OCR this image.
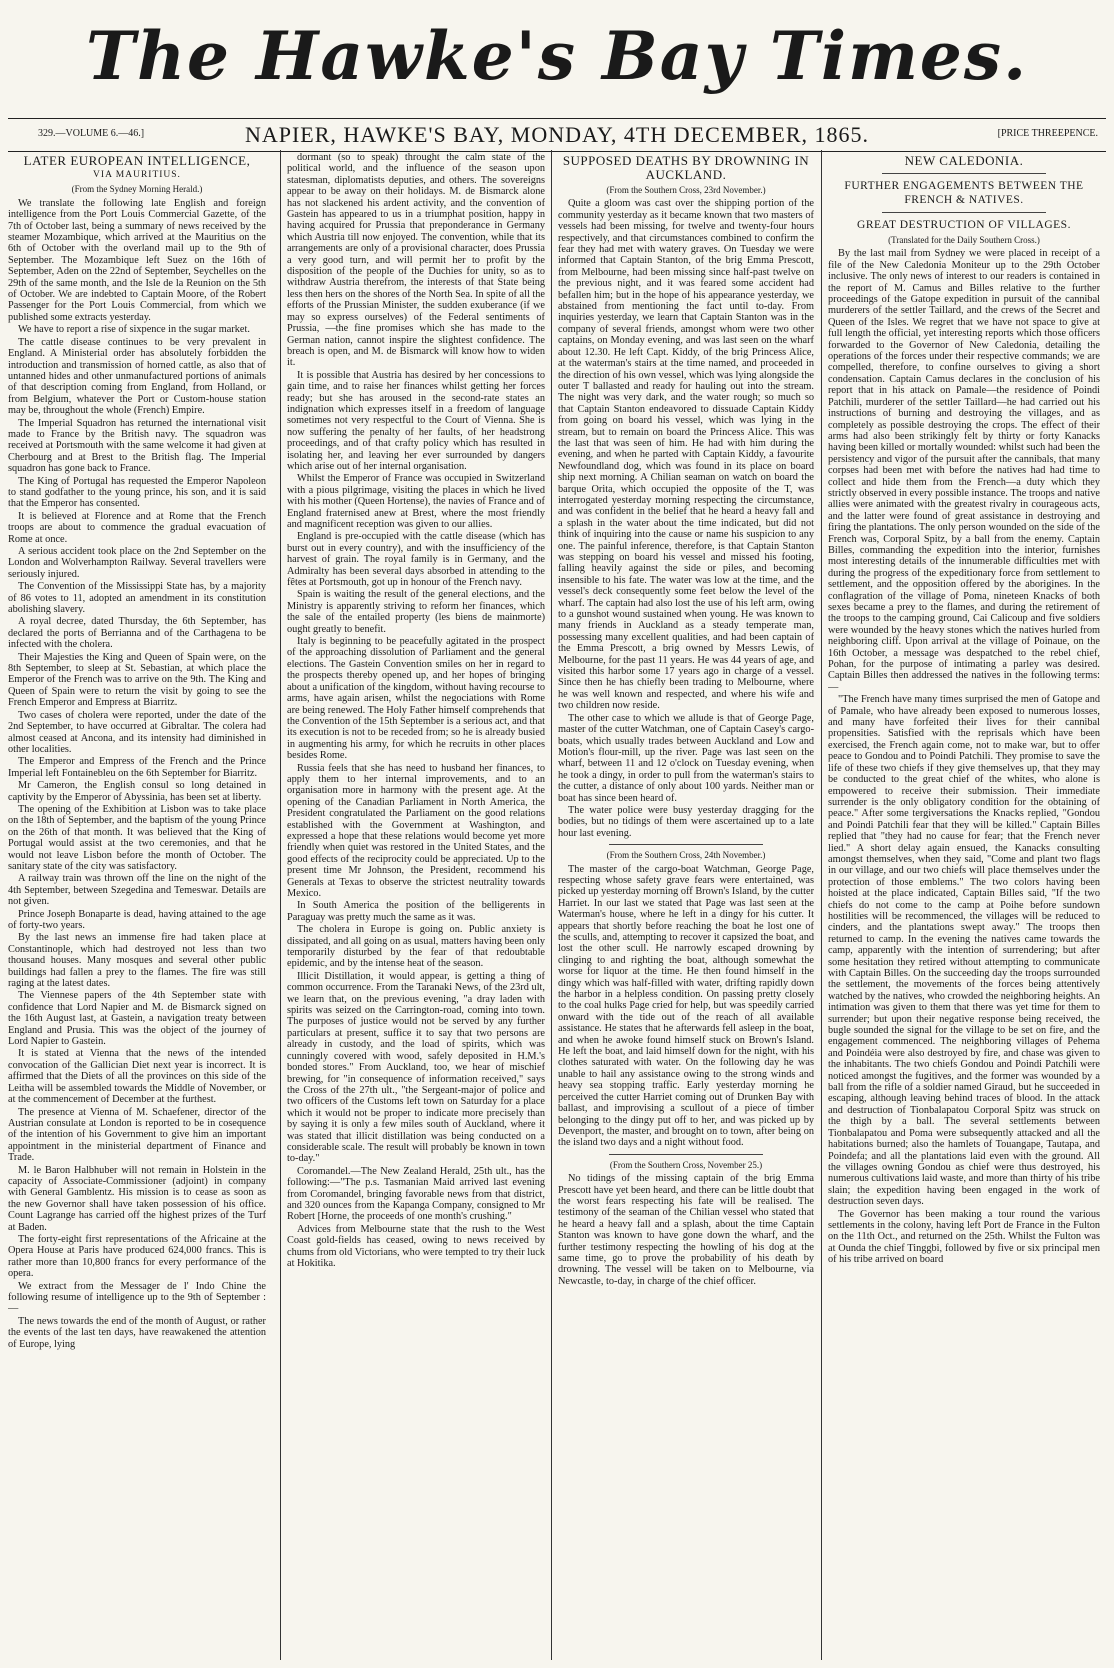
The Hawke's Bay Times.
329.—VOLUME 6.—46.]	NAPIER, HAWKE'S BAY, MONDAY, 4TH DECEMBER, 1865.	[PRICE THREEPENCE.
LATER EUROPEAN INTELLIGENCE,
VIA MAURITIUS.
(From the Sydney Morning Herald.)

We translate the following late English and foreign intelligence from the Port Louis Commercial Gazette, of the 7th of October last, being a summary of news received by the steamer Mozambique, which arrived at the Mauritius on the 6th of October with the overland mail up to the 9th of September. The Mozambique left Suez on the 16th of September, Aden on the 22nd of September, Seychelles on the 29th of the same month, and the Isle de la Reunion on the 5th of October. We are indebted to Captain Moore, of the Robert Passenger for the Port Louis Commercial, from which we published some extracts yesterday.

We have to report a rise of sixpence in the sugar market.

The cattle disease continues to be very prevalent in England. A Ministerial order has absolutely forbidden the introduction and transmission of horned cattle, as also that of untanned hides and other unmanufactured portions of animals of that description coming from England, from Holland, or from Belgium, whatever the Port or Custom-house station may be, throughout the whole (French) Empire.

The Imperial Squadron has returned the international visit made to France by the British navy. The squadron was received at Portsmouth with the same welcome it had given at Cherbourg and at Brest to the British flag. The Imperial squadron has gone back to France.

The King of Portugal has requested the Emperor Napoleon to stand godfather to the young prince, his son, and it is said that the Emperor has consented.

It is believed at Florence and at Rome that the French troops are about to commence the gradual evacuation of Rome at once.

A serious accident took place on the 2nd September on the London and Wolverhampton Railway. Several travellers were seriously injured.

The Convention of the Mississippi State has, by a majority of 86 votes to 11, adopted an amendment in its constitution abolishing slavery.

A royal decree, dated Thursday, the 6th September, has declared the ports of Berrianna and of the Carthagena to be infected with the cholera.

Their Majesties the King and Queen of Spain were, on the 8th September, to sleep at St. Sebastian, at which place the Emperor of the French was to arrive on the 9th. The King and Queen of Spain were to return the visit by going to see the French Emperor and Empress at Biarritz.

Two cases of cholera were reported, under the date of the 2nd September, to have occurred at Gibraltar. The colera had almost ceased at Ancona, and its intensity had diminished in other localities.

The Emperor and Empress of the French and the Prince Imperial left Fontainebleu on the 6th September for Biarritz.

Mr Cameron, the English consul so long detained in captivity by the Emperor of Abyssinia, has been set at liberty.

The opening of the Exhibition at Lisbon was to take place on the 18th of September, and the baptism of the young Prince on the 26th of that month. It was believed that the King of Portugal would assist at the two ceremonies, and that he would not leave Lisbon before the month of October. The sanitary state of the city was satisfactory.

A railway train was thrown off the line on the night of the 4th September, between Szegedina and Temeswar. Details are not given.

Prince Joseph Bonaparte is dead, having attained to the age of forty-two years.

By the last news an immense fire had taken place at Constantinople, which had destroyed not less than two thousand houses. Many mosques and several other public buildings had fallen a prey to the flames. The fire was still raging at the latest dates.

The Viennese papers of the 4th September state with confidence that Lord Napier and M. de Bismarck signed on the 16th August last, at Gastein, a navigation treaty between England and Prusia. This was the object of the journey of Lord Napier to Gastein.

It is stated at Vienna that the news of the intended convocation of the Gallician Diet next year is incorrect. It is affirmed that the Diets of all the provinces on this side of the Leitha will be assembled towards the Middle of November, or at the commencement of December at the furthest.

The presence at Vienna of M. Schaefener, director of the Austrian consulate at London is reported to be in cosequence of the intention of his Government to give him an important appointment in the ministerial department of Finance and Trade.

M. le Baron Halbhuber will not remain in Holstein in the capacity of Associate-Commissioner (adjoint) in company with General Gamblentz. His mission is to cease as soon as the new Governor shall have taken possession of his office. Count Lagrange has carried off the highest prizes of the Turf at Baden.

The forty-eight first representations of the Africaine at the Opera House at Paris have produced 624,000 francs. This is rather more than 10,800 francs for every performance of the opera.

We extract from the Messager de l' Indo Chine the following resume of intelligence up to the 9th of September :—

The news towards the end of the month of August, or rather the events of the last ten days, have reawakened the attention of Europe, lying

dormant (so to speak) throught the calm state of the political world, and the influence of the season upon statesman, diplomatists deputies, and others. The sovereigns appear to be away on their holidays. M. de Bismarck alone has not slackened his ardent activity, and the convention of Gastein has appeared to us in a triumphat position, happy in having acquired for Prussia that preponderance in Germany which Austria till now enjoyed. The convention, while that its arrangements are only of a provisional character, does Prussia a very good turn, and will permit her to profit by the disposition of the people of the Duchies for unity, so as to withdraw Austria therefrom, the interests of that State being less then hers on the shores of the North Sea. In spite of all the efforts of the Prussian Minister, the sudden exuberance (if we may so express ourselves) of the Federal sentiments of Prussia, —the fine promises which she has made to the German nation, cannot inspire the slightest confidence. The breach is open, and M. de Bismarck will know how to widen it.

It is possible that Austria has desired by her concessions to gain time, and to raise her finances whilst getting her forces ready; but she has aroused in the second-rate states an indignation which expresses itself in a freedom of language sometimes not very respectful to the Court of Vienna. She is now suffering the penalty of her faults, of her headstrong proceedings, and of that crafty policy which has resulted in isolating her, and leaving her ever surrounded by dangers which arise out of her internal organisation.

Whilst the Emperor of France was occupied in Switzerland with a pious pilgrimage, visiting the places in which he lived with his mother (Queen Hortense), the navies of France and of England fraternised anew at Brest, where the most friendly and magnificent reception was given to our allies.

England is pre-occupied with the cattle disease (which has burst out in every country), and with the insufficiency of the harvest of grain. The royal family is in Germany, and the Admiralty has been several days absorbed in attending to the fêtes at Portsmouth, got up in honour of the French navy.

Spain is waiting the result of the general elections, and the Ministry is apparently striving to reform her finances, which the sale of the entailed property (les biens de mainmorte) ought greatly to benefit.

Italy is beginning to be peacefully agitated in the prospect of the approaching dissolution of Parliament and the general elections. The Gastein Convention smiles on her in regard to the prospects thereby opened up, and her hopes of bringing about a unification of the kingdom, without having recourse to arms, have again arisen, whilst the negociations with Rome are being renewed. The Holy Father himself comprehends that the Convention of the 15th September is a serious act, and that its execution is not to be receded from; so he is already busied in augmenting his army, for which he recruits in other places besides Rome.

Russia feels that she has need to husband her finances, to apply them to her internal improvements, and to an organisation more in harmony with the present age. At the opening of the Canadian Parliament in North America, the President congratulated the Parliament on the good relations established with the Government at Washington, and expressed a hope that these relations would become yet more friendly when quiet was restored in the United States, and the good effects of the reciprocity could be appreciated. Up to the present time Mr Johnson, the President, recommend his Generals at Texas to observe the strictest neutrality towards Mexico.

In South America the position of the belligerents in Paraguay was pretty much the same as it was.

The cholera in Europe is going on. Public anxiety is dissipated, and all going on as usual, matters having been only temporarily disturbed by the fear of that redoubtable epidemic, and by the intense heat of the season.

Illicit Distillation, it would appear, is getting a thing of common occurrence. From the Taranaki News, of the 23rd ult, we learn that, on the previous evening, "a dray laden with spirits was seized on the Carrington-road, coming into town. The purposes of justice would not be served by any further particulars at present, suffice it to say that two persons are already in custody, and the load of spirits, which was cunningly covered with wood, safely deposited in H.M.'s bonded stores." From Auckland, too, we hear of mischief brewing, for "in consequence of information received," says the Cross of the 27th ult., "the Sergeant-major of police and two officers of the Customs left town on Saturday for a place which it would not be proper to indicate more precisely than by saying it is only a few miles south of Auckland, where it was stated that illicit distillation was being conducted on a considerable scale. The result will probably be known in town to-day."

Coromandel.—The New Zealand Herald, 25th ult., has the following:—"The p.s. Tasmanian Maid arrived last evening from Coromandel, bringing favorable news from that district, and 320 ounces from the Kapanga Company, consigned to Mr Robert [Horne, the proceeds of one month's crushing."

Advices from Melbourne state that the rush to the West Coast gold-fields has ceased, owing to news received by chums from old Victorians, who were tempted to try their luck at Hokitika.

SUPPOSED DEATHS BY DROWNING IN AUCKLAND.
(From the Southern Cross, 23rd November.)

Quite a gloom was cast over the shipping portion of the community yesterday as it became known that two masters of vessels had been missing, for twelve and twenty-four hours respectively, and that circumstances combined to confirm the fear they had met with watery graves. On Tuesday we were informed that Captain Stanton, of the brig Emma Prescott, from Melbourne, had been missing since half-past twelve on the previous night, and it was feared some accident had befallen him; but in the hope of his appearance yesterday, we abstained from mentioning the fact until to-day. From inquiries yesterday, we learn that Captain Stanton was in the company of several friends, amongst whom were two other captains, on Monday evening, and was last seen on the wharf about 12.30. He left Capt. Kiddy, of the brig Princess Alice, at the waterman's stairs at the time named, and proceeded in the direction of his own vessel, which was lying alongside the outer T ballasted and ready for hauling out into the stream. The night was very dark, and the water rough; so much so that Captain Stanton endeavored to dissuade Captain Kiddy from going on board his vessel, which was lying in the stream, but to remain on board the Princess Alice. This was the last that was seen of him. He had with him during the evening, and when he parted with Captain Kiddy, a favourite Newfoundland dog, which was found in its place on board ship next morning. A Chilian seaman on watch on board the barque Orita, which occupied the opposite of the T, was interrogated yesterday morning respecting the circumstance, and was confident in the belief that he heard a heavy fall and a splash in the water about the time indicated, but did not think of inquiring into the cause or name his suspicion to any one. The painful inference, therefore, is that Captain Stanton was stepping on board his vessel and missed his footing, falling heavily against the side or piles, and becoming insensible to his fate. The water was low at the time, and the vessel's deck consequently some feet below the level of the wharf. The captain had also lost the use of his left arm, owing to a gunshot wound sustained when young. He was known to many friends in Auckland as a steady temperate man, possessing many excellent qualities, and had been captain of the Emma Prescott, a brig owned by Messrs Lewis, of Melbourne, for the past 11 years. He was 44 years of age, and visited this harbor some 17 years ago in charge of a vessel. Since then he has chiefly been trading to Melbourne, where he was well known and respected, and where his wife and two children now reside.

The other case to which we allude is that of George Page, master of the cutter Watchman, one of Captain Casey's cargo-boats, which usually trades between Auckland and Low and Motion's flour-mill, up the river. Page was last seen on the wharf, between 11 and 12 o'clock on Tuesday evening, when he took a dingy, in order to pull from the waterman's stairs to the cutter, a distance of only about 100 yards. Neither man or boat has since been heard of.

The water police were busy yesterday dragging for the bodies, but no tidings of them were ascertained up to a late hour last evening.

(From the Southern Cross, 24th November.)

The master of the cargo-boat Watchman, George Page, respecting whose safety grave fears were entertained, was picked up yesterday morning off Brown's Island, by the cutter Harriet. In our last we stated that Page was last seen at the Waterman's house, where he left in a dingy for his cutter. It appears that shortly before reaching the boat he lost one of the sculls, and, attempting to recover it capsized the boat, and lost the other scull. He narrowly escaped drowning by clinging to and righting the boat, although somewhat the worse for liquor at the time. He then found himself in the dingy which was half-filled with water, drifting rapidly down the harbor in a helpless condition. On passing pretty closely to the coal hulks Page cried for help, but was speedily carried onward with the tide out of the reach of all available assistance. He states that he afterwards fell asleep in the boat, and when he awoke found himself stuck on Brown's Island. He left the boat, and laid himself down for the night, with his clothes saturated with water. On the following day he was unable to hail any assistance owing to the strong winds and heavy sea stopping traffic. Early yesterday morning he perceived the cutter Harriet coming out of Drunken Bay with ballast, and improvising a scullout of a piece of timber belonging to the dingy put off to her, and was picked up by Devenport, the master, and brought on to town, after being on the island two days and a night without food.

(From the Southern Cross, November 25.)

No tidings of the missing captain of the brig Emma Prescott have yet been heard, and there can be little doubt that the worst fears respecting his fate will be realised. The testimony of the seaman of the Chilian vessel who stated that he heard a heavy fall and a splash, about the time Captain Stanton was known to have gone down the wharf, and the further testimony respecting the howling of his dog at the same time, go to prove the probability of his death by drowning. The vessel will be taken on to Melbourne, via Newcastle, to-day, in charge of the chief officer.

NEW CALEDONIA.
FURTHER ENGAGEMENTS BETWEEN THE FRENCH & NATIVES.
GREAT DESTRUCTION OF VILLAGES.
(Translated for the Daily Southern Cross.)

By the last mail from Sydney we were placed in receipt of a file of the New Caledonia Moniteur up to the 29th October inclusive. The only news of interest to our readers is contained in the report of M. Camus and Billes relative to the further proceedings of the Gatope expedition in pursuit of the cannibal murderers of the settler Taillard, and the crews of the Secret and Queen of the Isles. We regret that we have not space to give at full length the official, yet interesting reports which those officers forwarded to the Governor of New Caledonia, detailing the operations of the forces under their respective commands; we are compelled, therefore, to confine ourselves to giving a short condensation. Captain Camus declares in the conclusion of his report that in his attack on Pamale—the residence of Poindi Patchili, murderer of the settler Taillard—he had carried out his instructions of burning and destroying the villages, and as completely as possible destroying the crops. The effect of their arms had also been strikingly felt by thirty or forty Kanacks having been killed or mortally wounded: whilst such had been the persistency and vigor of the pursuit after the cannibals, that many corpses had been met with before the natives had had time to collect and hide them from the French—a duty which they strictly observed in every possible instance. The troops and native allies were animated with the greatest rivalry in courageous acts, and the latter were found of great assistance in destroying and firing the plantations. The only person wounded on the side of the French was, Corporal Spitz, by a ball from the enemy. Captain Billes, commanding the expedition into the interior, furnishes most interesting details of the innumerable difficulties met with during the progress of the expeditionary force from settlement to settlement, and the opposition offered by the aborigines. In the conflagration of the village of Poma, nineteen Knacks of both sexes became a prey to the flames, and during the retirement of the troops to the camping ground, Cai Calicoup and five soldiers were wounded by the heavy stones which the natives hurled from neighboring cliff. Upon arrival at the village of Poinaue, on the 16th October, a message was despatched to the rebel chief, Pohan, for the purpose of intimating a parley was desired. Captain Billes then addressed the natives in the following terms:—

"The French have many times surprised the men of Gatope and of Pamale, who have already been exposed to numerous losses, and many have forfeited their lives for their cannibal propensities. Satisfied with the reprisals which have been exercised, the French again come, not to make war, but to offer peace to Gondou and to Poindi Patchili. They promise to save the life of these two chiefs if they give themselves up, that they may be conducted to the great chief of the whites, who alone is empowered to receive their submission. Their immediate surrender is the only obligatory condition for the obtaining of peace." After some tergiversations the Knacks replied, "Gondou and Poindi Patchili fear that they will be killed." Captain Billes replied that "they had no cause for fear; that the French never lied." A short delay again ensued, the Kanacks consulting amongst themselves, when they said, "Come and plant two flags in our village, and our two chiefs will place themselves under the protection of those emblems." The two colors having been hoisted at the place indicated, Captain Billes said, "If the two chiefs do not come to the camp at Poihe before sundown hostilities will be recommenced, the villages will be reduced to cinders, and the plantations swept away." The troops then returned to camp. In the evening the natives came towards the camp, apparently with the intention of surrendering; but after some hesitation they retired without attempting to communicate with Captain Billes. On the succeeding day the troops surrounded the settlement, the movements of the forces being attentively watched by the natives, who crowded the neighboring heights. An intimation was given to them that there was yet time for them to surrender; but upon their negative response being received, the bugle sounded the signal for the village to be set on fire, and the engagement commenced. The neighboring villages of Pehema and Poindéia were also destroyed by fire, and chase was given to the inhabitants. The two chiefs Gondou and Poindi Patchili were noticed amongst the fugitives, and the former was wounded by a ball from the rifle of a soldier named Giraud, but he succeeded in escaping, although leaving behind traces of blood. In the attack and destruction of Tionbalapatou Corporal Spitz was struck on the thigh by a ball. The several settlements between Tionbalapatou and Poma were subsequently attacked and all the habitations burned; also the hamlets of Touangape, Tautapa, and Poindefa; and all the plantations laid even with the ground. All the villages owning Gondou as chief were thus destroyed, his numerous cultivations laid waste, and more than thirty of his tribe slain; the expedition having been engaged in the work of destruction seven days.

The Governor has been making a tour round the various settlements in the colony, having left Port de France in the Fulton on the 11th Oct., and returned on the 25th. Whilst the Fulton was at Ounda the chief Tinggbi, followed by five or six principal men of his tribe arrived on board
